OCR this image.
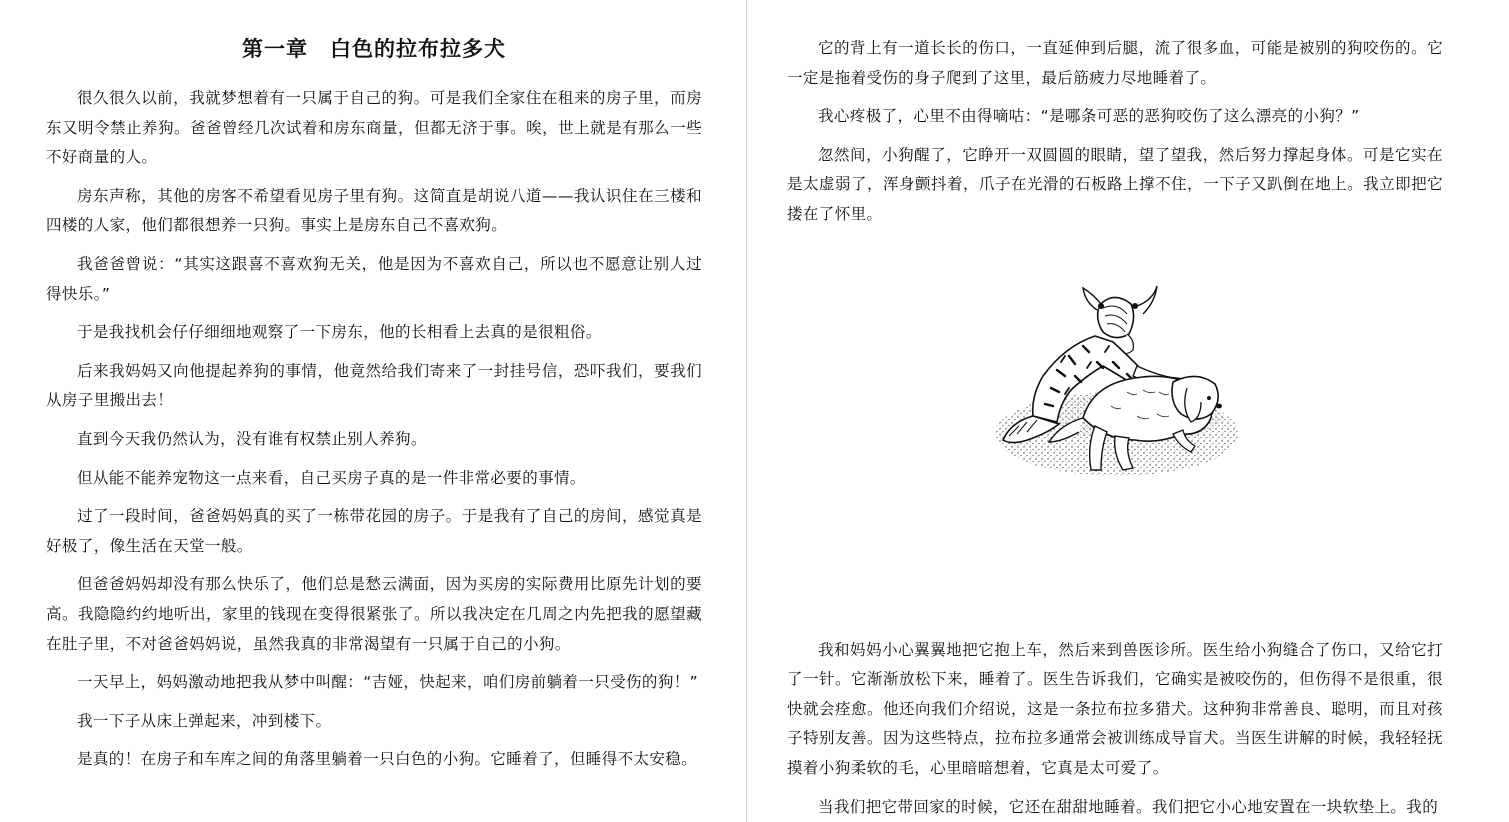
第一章 白色的拉布拉多犬

很久很久以前，我就梦想着有一只属于自己的狗。可是我们全家住在租来的房子里，而房东又明令禁止养狗。爸爸曾经几次试着和房东商量，但都无济于事。唉，世上就是有那么一些不好商量的人。

房东声称，其他的房客不希望看见房子里有狗。这简直是胡说八道——我认识住在三楼和四楼的人家，他们都很想养一只狗。事实上是房东自己不喜欢狗。

我爸爸曾说：“其实这跟喜不喜欢狗无关，他是因为不喜欢自己，所以也不愿意让别人过得快乐。”

于是我找机会仔仔细细地观察了一下房东，他的长相看上去真的是很粗俗。

后来我妈妈又向他提起养狗的事情，他竟然给我们寄来了一封挂号信，恐吓我们，要我们从房子里搬出去！

直到今天我仍然认为，没有谁有权禁止别人养狗。

但从能不能养宠物这一点来看，自己买房子真的是一件非常必要的事情。

过了一段时间，爸爸妈妈真的买了一栋带花园的房子。于是我有了自己的房间，感觉真是好极了，像生活在天堂一般。

但爸爸妈妈却没有那么快乐了，他们总是愁云满面，因为买房的实际费用比原先计划的要高。我隐隐约约地听出，家里的钱现在变得很紧张了。所以我决定在几周之内先把我的愿望藏在肚子里，不对爸爸妈妈说，虽然我真的非常渴望有一只属于自己的小狗。

一天早上，妈妈激动地把我从梦中叫醒：“吉娅，快起来，咱们房前躺着一只受伤的狗！”

我一下子从床上弹起来，冲到楼下。

是真的！在房子和车库之间的角落里躺着一只白色的小狗。它睡着了，但睡得不太安稳。

它的背上有一道长长的伤口，一直延伸到后腿，流了很多血，可能是被别的狗咬伤的。它一定是拖着受伤的身子爬到了这里，最后筋疲力尽地睡着了。

我心疼极了，心里不由得嘀咕：“是哪条可恶的恶狗咬伤了这么漂亮的小狗？”

忽然间，小狗醒了，它睁开一双圆圆的眼睛，望了望我，然后努力撑起身体。可是它实在是太虚弱了，浑身颤抖着，爪子在光滑的石板路上撑不住，一下子又趴倒在地上。我立即把它搂在了怀里。

我和妈妈小心翼翼地把它抱上车，然后来到兽医诊所。医生给小狗缝合了伤口，又给它打了一针。它渐渐放松下来，睡着了。医生告诉我们，它确实是被咬伤的，但伤得不是很重，很快就会痊愈。他还向我们介绍说，这是一条拉布拉多猎犬。这种狗非常善良、聪明，而且对孩子特别友善。因为这些特点，拉布拉多通常会被训练成导盲犬。当医生讲解的时候，我轻轻抚摸着小狗柔软的毛，心里暗暗想着，它真是太可爱了。

当我们把它带回家的时候，它还在甜甜地睡着。我们把它小心地安置在一块软垫上。我的
